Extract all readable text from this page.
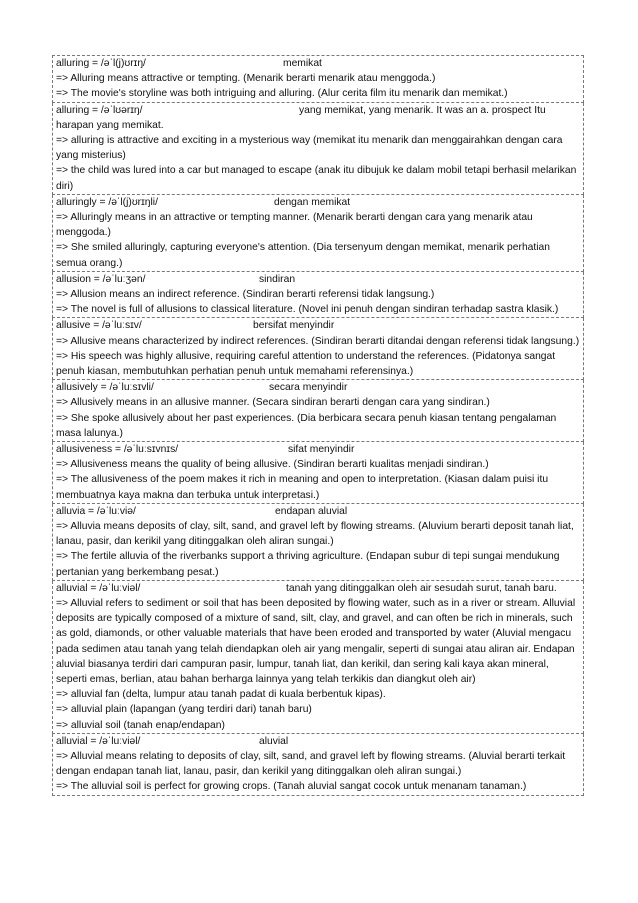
alluring = /əˈl(j)ʊrɪŋ/	memikat
=> Alluring means attractive or tempting. (Menarik berarti menarik atau menggoda.)
=> The movie's storyline was both intriguing and alluring. (Alur cerita film itu menarik dan memikat.)
alluring = /əˈlʊərɪŋ/	yang memikat, yang menarik. It was an a. prospect Itu harapan yang memikat.
=> alluring is attractive and exciting in a mysterious way (memikat itu menarik dan menggairahkan dengan cara yang misterius)
=> the child was lured into a car but managed to escape (anak itu dibujuk ke dalam mobil tetapi berhasil melarikan diri)
alluringly = /əˈl(j)ʊrɪŋli/	dengan memikat
=> Alluringly means in an attractive or tempting manner. (Menarik berarti dengan cara yang menarik atau menggoda.)
=> She smiled alluringly, capturing everyone's attention. (Dia tersenyum dengan memikat, menarik perhatian semua orang.)
allusion = /əˈluːʒən/	sindiran
=> Allusion means an indirect reference. (Sindiran berarti referensi tidak langsung.)
=> The novel is full of allusions to classical literature. (Novel ini penuh dengan sindiran terhadap sastra klasik.)
allusive = /əˈluːsɪv/	bersifat menyindir
=> Allusive means characterized by indirect references. (Sindiran berarti ditandai dengan referensi tidak langsung.)
=> His speech was highly allusive, requiring careful attention to understand the references. (Pidatonya sangat penuh kiasan, membutuhkan perhatian penuh untuk memahami referensinya.)
allusively = /əˈluːsɪvli/	secara menyindir
=> Allusively means in an allusive manner. (Secara sindiran berarti dengan cara yang sindiran.)
=> She spoke allusively about her past experiences. (Dia berbicara secara penuh kiasan tentang pengalaman masa lalunya.)
allusiveness = /əˈluːsɪvnɪs/	sifat menyindir
=> Allusiveness means the quality of being allusive. (Sindiran berarti kualitas menjadi sindiran.)
=> The allusiveness of the poem makes it rich in meaning and open to interpretation. (Kiasan dalam puisi itu membuatnya kaya makna dan terbuka untuk interpretasi.)
alluvia = /əˈluːviə/	endapan aluvial
=> Alluvia means deposits of clay, silt, sand, and gravel left by flowing streams. (Aluvium berarti deposit tanah liat, lanau, pasir, dan kerikil yang ditinggalkan oleh aliran sungai.)
=> The fertile alluvia of the riverbanks support a thriving agriculture. (Endapan subur di tepi sungai mendukung pertanian yang berkembang pesat.)
alluvial = /əˈluːviəl/	tanah yang ditinggalkan oleh air sesudah surut, tanah baru.
=> Alluvial refers to sediment or soil that has been deposited by flowing water, such as in a river or stream. Alluvial deposits are typically composed of a mixture of sand, silt, clay, and gravel, and can often be rich in minerals, such as gold, diamonds, or other valuable materials that have been eroded and transported by water (Aluvial mengacu pada sedimen atau tanah yang telah diendapkan oleh air yang mengalir, seperti di sungai atau aliran air. Endapan aluvial biasanya terdiri dari campuran pasir, lumpur, tanah liat, dan kerikil, dan sering kali kaya akan mineral, seperti emas, berlian, atau bahan berharga lainnya yang telah terkikis dan diangkut oleh air)
=> alluvial fan (delta, lumpur atau tanah padat di kuala berbentuk kipas).
=> alluvial plain (lapangan (yang terdiri dari) tanah baru)
=> alluvial soil (tanah enap/endapan)
alluvial = /əˈluːviəl/	aluvial
=> Alluvial means relating to deposits of clay, silt, sand, and gravel left by flowing streams. (Aluvial berarti terkait dengan endapan tanah liat, lanau, pasir, dan kerikil yang ditinggalkan oleh aliran sungai.)
=> The alluvial soil is perfect for growing crops. (Tanah aluvial sangat cocok untuk menanam tanaman.)
